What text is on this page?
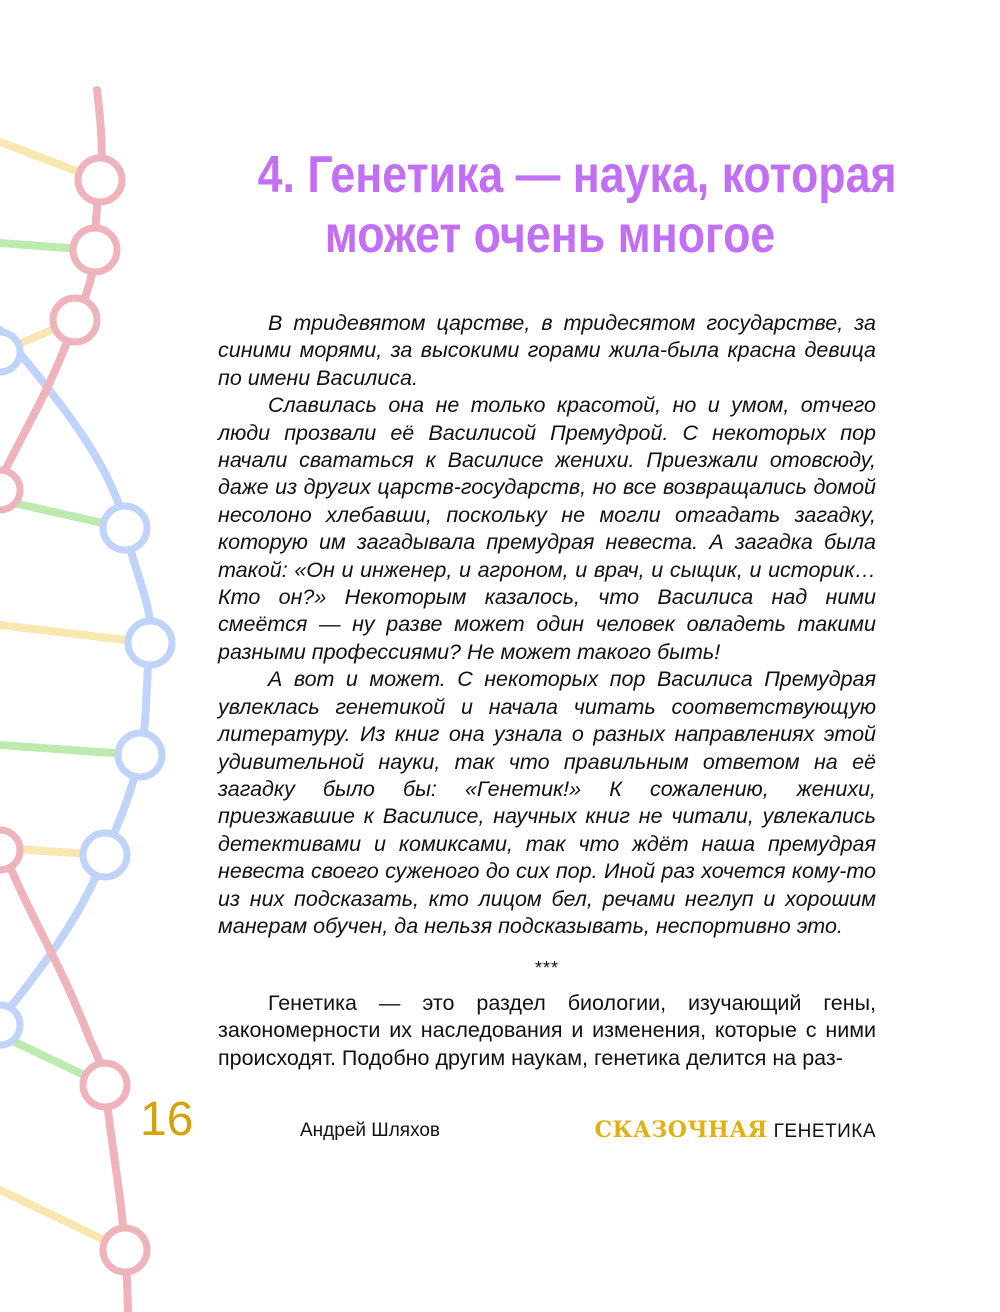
4. Генетика — наука, которая
может очень многое

В тридевятом царстве, в тридесятом государстве, за синими морями, за высокими горами жила-была красна девица по имени Василиса.

Славилась она не только красотой, но и умом, отчего люди прозвали её Василисой Премудрой. С некоторых пор начали свататься к Василисе женихи. Приезжали отовсюду, даже из других царств-государств, но все возвращались домой несолоно хлебавши, поскольку не могли отгадать загадку, которую им загадывала премудрая невеста. А загадка была такой: «Он и инженер, и агроном, и врач, и сыщик, и историк… Кто он?» Некоторым казалось, что Василиса над ними смеётся — ну разве может один человек овладеть такими разными профессиями? Не может такого быть!

А вот и может. С некоторых пор Василиса Премудрая увлеклась генетикой и начала читать соответствующую литературу. Из книг она узнала о разных направлениях этой удивительной науки, так что правильным ответом на её загадку было бы: «Генетик!» К сожалению, женихи, приезжавшие к Василисе, научных книг не читали, увлекались детективами и комиксами, так что ждёт наша премудрая невеста своего суженого до сих пор. Иной раз хочется кому-то из них подсказать, кто лицом бел, речами неглуп и хорошим манерам обучен, да нельзя подсказывать, неспортивно это.

***

Генетика — это раздел биологии, изучающий гены, закономерности их наследования и изменения, которые с ними происходят. Подобно другим наукам, генетика делится на раз-

16	Андрей Шляхов	СКАЗОЧНАЯ ГЕНЕТИКА
